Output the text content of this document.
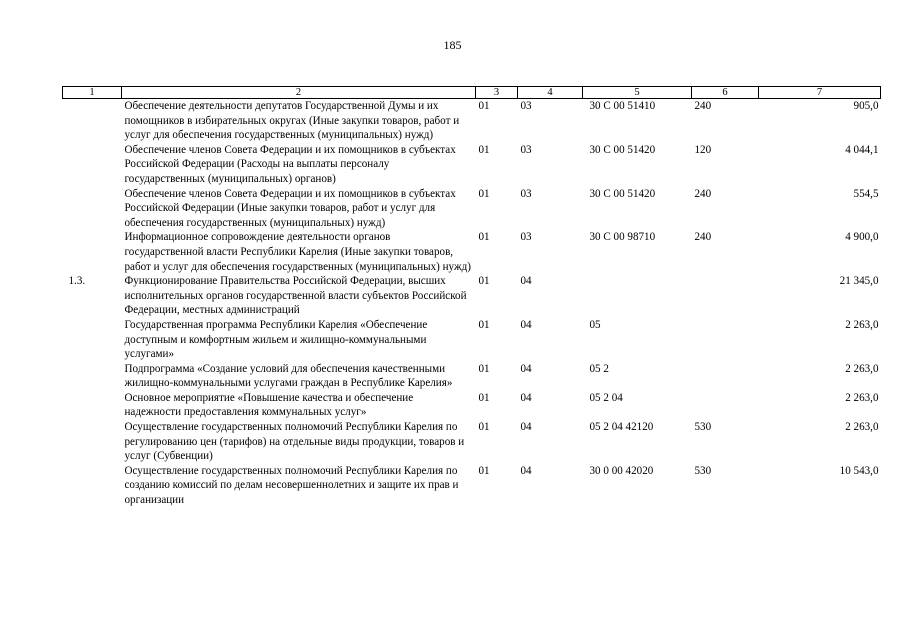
185
1	2	3	4	5	6	7
	Обеспечение деятельности депутатов Государственной Думы и их помощников в избирательных округах (Иные закупки товаров, работ и услуг для обеспечения государственных (муниципальных) нужд)	01	03	30 С 00 51410	240	905,0
	Обеспечение членов Совета Федерации и их помощников в субъектах Российской Федерации (Расходы на выплаты персоналу государственных (муниципальных) органов)	01	03	30 С 00 51420	120	4 044,1
	Обеспечение членов Совета Федерации и их помощников в субъектах Российской Федерации (Иные закупки товаров, работ и услуг для обеспечения государственных (муниципальных) нужд)	01	03	30 С 00 51420	240	554,5
	Информационное сопровождение деятельности органов государственной власти Республики Карелия (Иные закупки товаров, работ и услуг для обеспечения государственных (муниципальных) нужд)	01	03	30 С 00 98710	240	4 900,0
1.3.	Функционирование Правительства Российской Федерации, высших исполнительных органов государственной власти субъектов Российской Федерации, местных администраций	01	04			21 345,0
	Государственная программа Республики Карелия «Обеспечение доступным и комфортным жильем и жилищно-коммунальными услугами»	01	04	05		2 263,0
	Подпрограмма «Создание условий для обеспечения качественными жилищно-коммунальными услугами граждан в Республике Карелия»	01	04	05 2		2 263,0
	Основное мероприятие «Повышение качества и обеспечение надежности предоставления коммунальных услуг»	01	04	05 2 04		2 263,0
	Осуществление государственных полномочий Республики Карелия по регулированию цен (тарифов) на отдельные виды продукции, товаров и услуг (Субвенции)	01	04	05 2 04 42120	530	2 263,0
	Осуществление государственных полномочий Республики Карелия по созданию комиссий по делам несовершеннолетних и защите их прав и организации	01	04	30 0 00 42020	530	10 543,0
